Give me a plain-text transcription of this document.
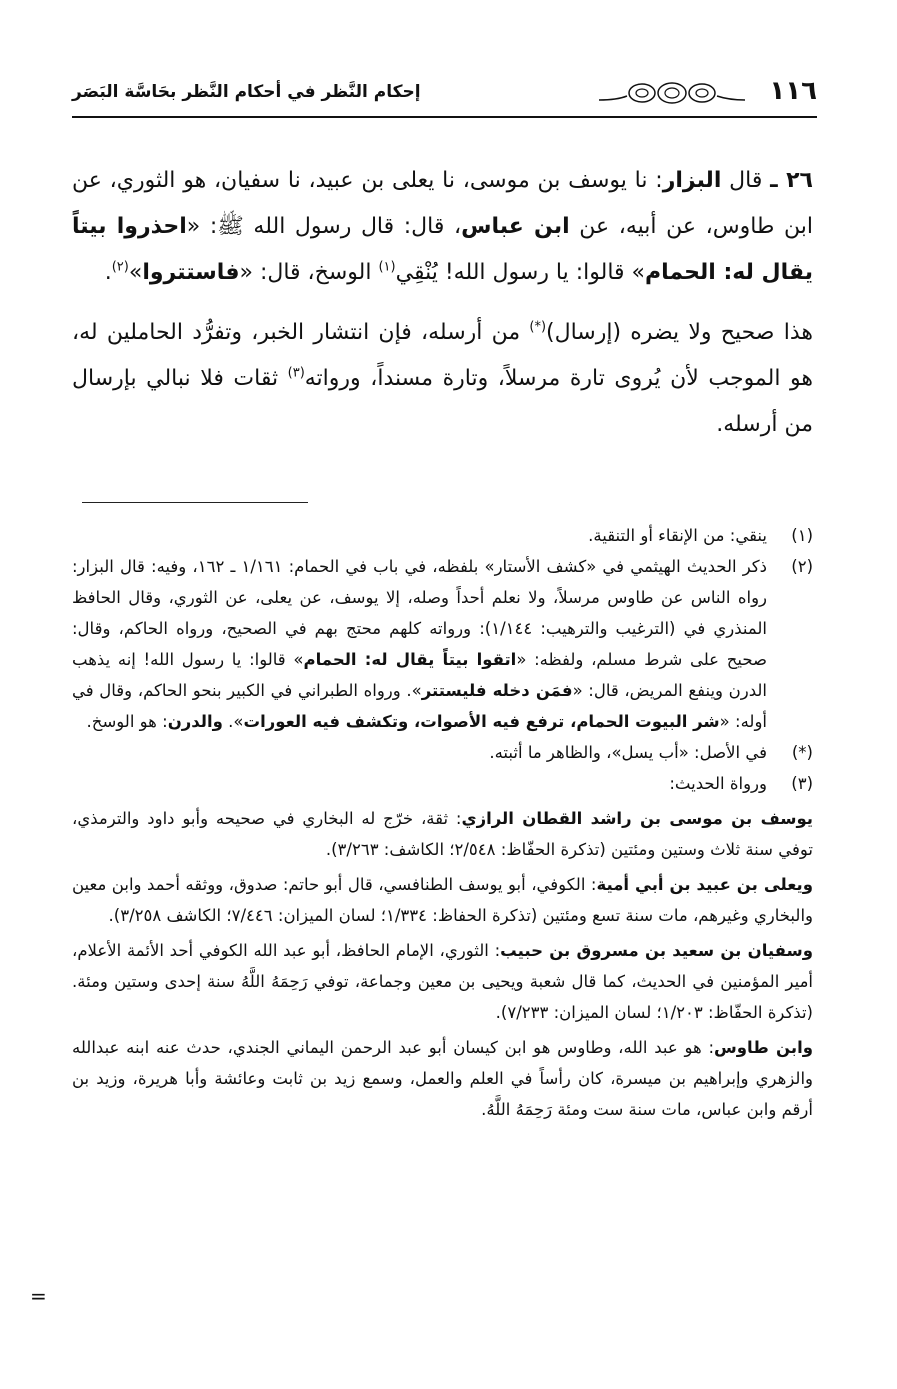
١١٦
إحكام النَّظر في أحكام النَّظر بحَاسَّة البَصَر

٢٦ ـ قال البزار: نا يوسف بن موسى، نا يعلى بن عبيد، نا سفيان، هو الثوري، عن ابن طاوس، عن أبيه، عن ابن عباس، قال: قال رسول الله ﷺ: «احذروا بيتاً يقال له: الحمام» قالوا: يا رسول الله! يُنْقِي$^{(١)}$ الوسخ، قال: «فاستتروا»$^{(٢)}$.

هذا صحيح ولا يضره (إرسال)(*) من أرسله، فإن انتشار الخبر، وتفرُّد الحاملين له، هو الموجب لأن يُروى تارة مرسلاً، وتارة مسنداً، ورواته$^{(٣)}$ ثقات فلا نبالي بإرسال من أرسله.

(١)
ينقي: من الإنقاء أو التنقية.
(٢)
ذكر الحديث الهيثمي في «كشف الأستار» بلفظه، في باب في الحمام: ١/١٦١ ـ ١٦٢، وفيه: قال البزار: رواه الناس عن طاوس مرسلاً، ولا نعلم أحداً وصله، إلا يوسف، عن يعلى، عن الثوري، وقال الحافظ المنذري في (الترغيب والترهيب: ١/١٤٤): ورواته كلهم محتج بهم في الصحيح، ورواه الحاكم، وقال: صحيح على شرط مسلم، ولفظه: «اتقوا بيتاً يقال له: الحمام» قالوا: يا رسول الله! إنه يذهب الدرن وينفع المريض، قال: «فمَن دخله فليستتر». ورواه الطبراني في الكبير بنحو الحاكم، وقال في أوله: «شر البيوت الحمام، ترفع فيه الأصوات، وتكشف فيه العورات». والدرن: هو الوسخ.
(*)
في الأصل: «أب يسل»، والظاهر ما أثبته.
(٣)
ورواة الحديث:

يوسف بن موسى بن راشد القطان الرازي: ثقة، خرّج له البخاري في صحيحه وأبو داود والترمذي، توفي سنة ثلاث وستين ومئتين (تذكرة الحفّاظ: ٢/٥٤٨؛ الكاشف: ٣/٢٦٣).

ويعلى بن عبيد بن أبي أمية: الكوفي، أبو يوسف الطنافسي، قال أبو حاتم: صدوق، ووثقه أحمد وابن معين والبخاري وغيرهم، مات سنة تسع ومئتين (تذكرة الحفاظ: ١/٣٣٤؛ لسان الميزان: ٧/٤٤٦؛ الكاشف ٣/٢٥٨).

وسفيان بن سعيد بن مسروق بن حبيب: الثوري، الإمام الحافظ، أبو عبد الله الكوفي أحد الأئمة الأعلام، أمير المؤمنين في الحديث، كما قال شعبة ويحيى بن معين وجماعة، توفي رَحِمَهُ اللَّهُ سنة إحدى وستين ومئة. (تذكرة الحفّاظ: ١/٢٠٣؛ لسان الميزان: ٧/٢٣٣).

وابن طاوس: هو عبد الله، وطاوس هو ابن كيسان أبو عبد الرحمن اليماني الجندي، حدث عنه ابنه عبدالله والزهري وإبراهيم بن ميسرة، كان رأساً في العلم والعمل، وسمع زيد بن ثابت وعائشة وأبا هريرة، وزيد بن أرقم وابن عباس، مات سنة ست ومئة رَحِمَهُ اللَّهُ.

=
